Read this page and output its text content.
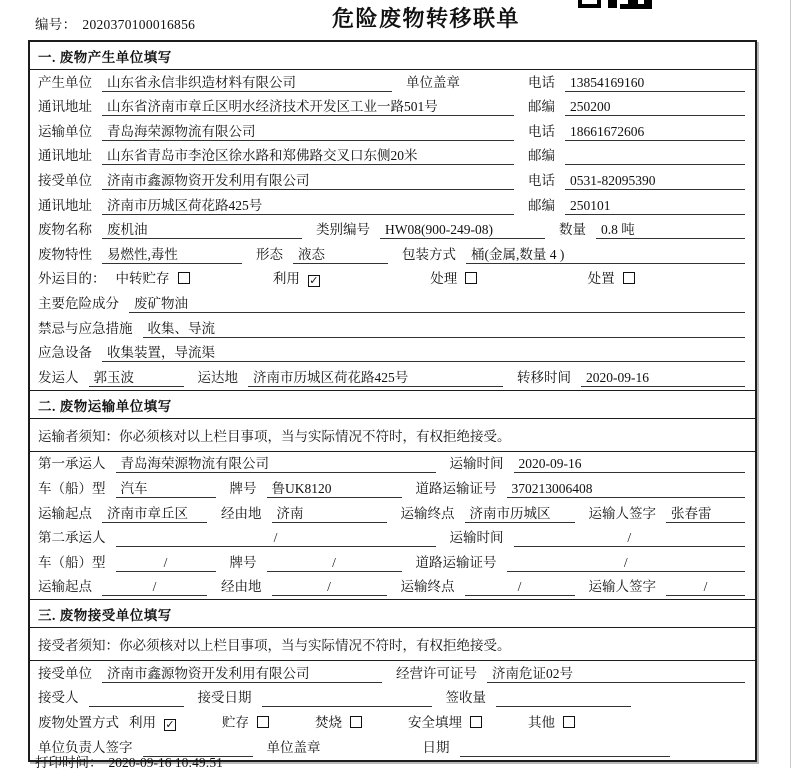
编号： 2020370100016856	危险废物转移联单
一. 废物产生单位填写
产生单位	山东省永信非织造材料有限公司	单位盖章	电话	13854169160
通讯地址	山东省济南市章丘区明水经济技术开发区工业一路501号	邮编	250200
运输单位	青岛海荣源物流有限公司	电话	18661672606
通讯地址	山东省青岛市李沧区徐水路和郑佛路交叉口东侧20米	邮编
接受单位	济南市鑫源物资开发利用有限公司	电话	0531-82095390
通讯地址	济南市历城区荷花路425号	邮编	250101
废物名称	废机油	类别编号	HW08(900-249-08)	数量	0.8 吨
废物特性	易燃性,毒性	形态	液态	包装方式	桶(金属,数量 4 )
外运目的： 中转贮存	利用 ✓	处理	处置
主要危险成分	废矿物油
禁忌与应急措施	收集、导流
应急设备	收集装置，导流渠
发运人	郭玉波	运达地	济南市历城区荷花路425号	转移时间	2020-09-16
二. 废物运输单位填写
运输者须知：你必须核对以上栏目事项，当与实际情况不符时，有权拒绝接受。
第一承运人	青岛海荣源物流有限公司	运输时间	2020-09-16
车（船）型	汽车	牌号	鲁UK8120	道路运输证号	370213006408
运输起点	济南市章丘区	经由地	济南	运输终点	济南市历城区	运输人签字	张春雷
第二承运人	/	运输时间	/
车（船）型	/	牌号	/	道路运输证号	/
运输起点	/	经由地	/	运输终点	/	运输人签字	/
三. 废物接受单位填写
接受者须知：你必须核对以上栏目事项，当与实际情况不符时，有权拒绝接受。
接受单位	济南市鑫源物资开发利用有限公司	经营许可证号	济南危证02号
接受人	接受日期	签收量
废物处置方式 利用 ✓	贮存	焚烧	安全填埋	其他
单位负责人签字	单位盖章	日期
打印时间： 2020-09-16 10:49:51
